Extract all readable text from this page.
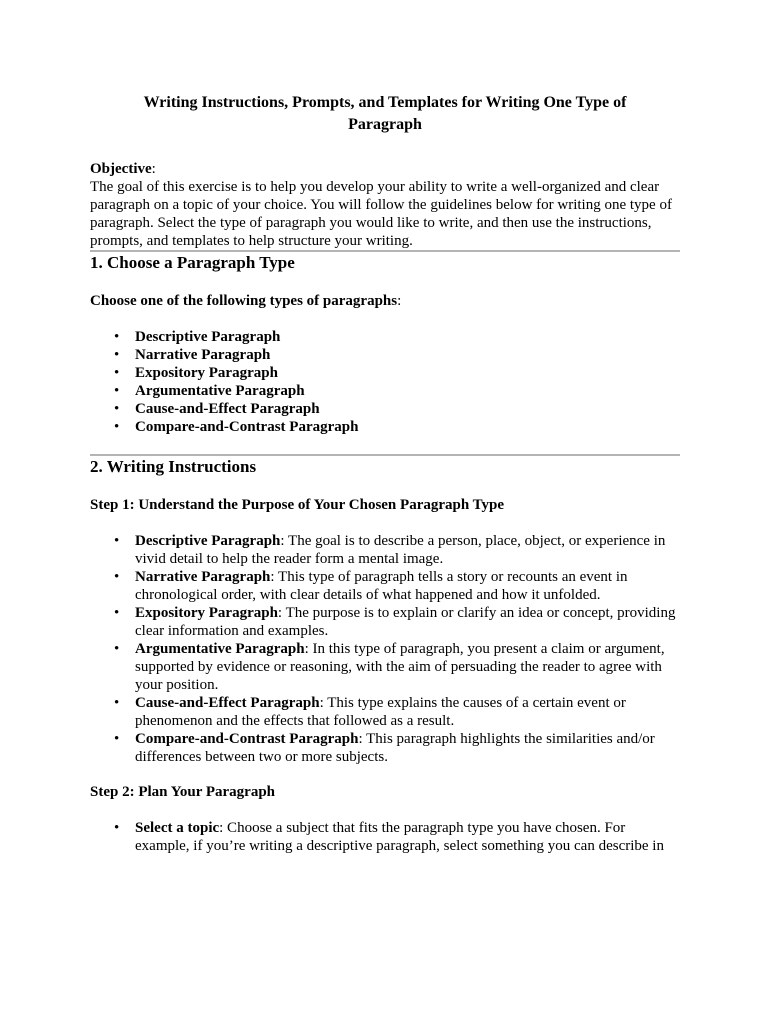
Writing Instructions, Prompts, and Templates for Writing One Type of
Paragraph

Objective:

The goal of this exercise is to help you develop your ability to write a well-organized and clear paragraph on a topic of your choice. You will follow the guidelines below for writing one type of paragraph. Select the type of paragraph you would like to write, and then use the instructions, prompts, and templates to help structure your writing.

1. Choose a Paragraph Type

Choose one of the following types of paragraphs:

• Descriptive Paragraph
• Narrative Paragraph
• Expository Paragraph
• Argumentative Paragraph
• Cause-and-Effect Paragraph
• Compare-and-Contrast Paragraph
2. Writing Instructions

Step 1: Understand the Purpose of Your Chosen Paragraph Type

• Descriptive Paragraph: The goal is to describe a person, place, object, or experience in vivid detail to help the reader form a mental image.
• Narrative Paragraph: This type of paragraph tells a story or recounts an event in chronological order, with clear details of what happened and how it unfolded.
• Expository Paragraph: The purpose is to explain or clarify an idea or concept, providing clear information and examples.
• Argumentative Paragraph: In this type of paragraph, you present a claim or argument, supported by evidence or reasoning, with the aim of persuading the reader to agree with your position.
• Cause-and-Effect Paragraph: This type explains the causes of a certain event or phenomenon and the effects that followed as a result.
• Compare-and-Contrast Paragraph: This paragraph highlights the similarities and/or differences between two or more subjects.

Step 2: Plan Your Paragraph

• Select a topic: Choose a subject that fits the paragraph type you have chosen. For example, if you’re writing a descriptive paragraph, select something you can describe in
